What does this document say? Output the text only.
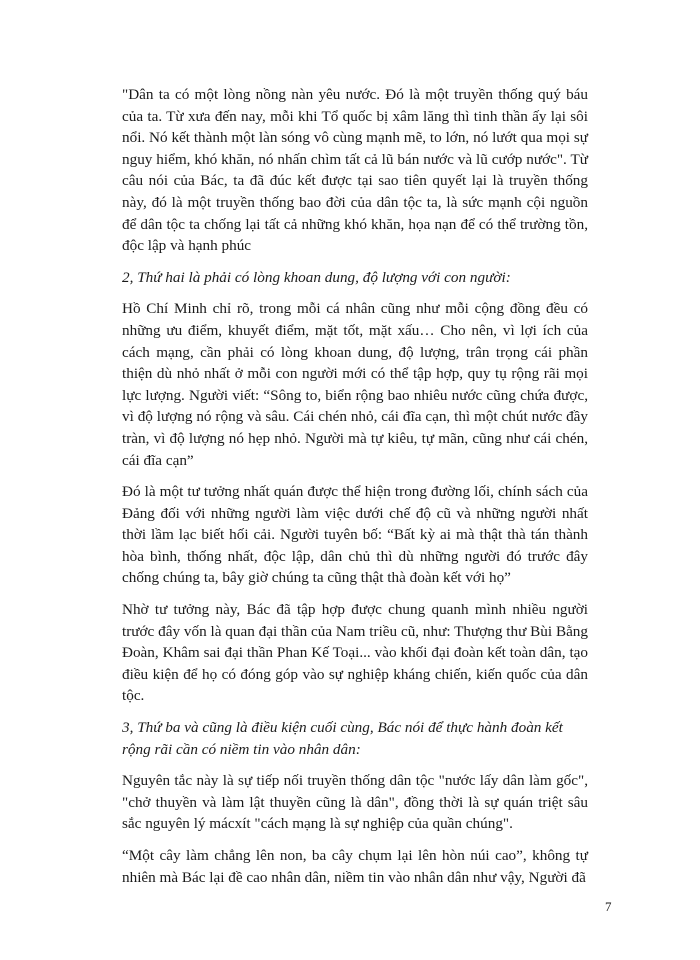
"Dân ta có một lòng nồng nàn yêu nước. Đó là một truyền thống quý báu của ta. Từ xưa đến nay, mỗi khi Tổ quốc bị xâm lăng thì tinh thần ấy lại sôi nổi. Nó kết thành một làn sóng vô cùng mạnh mẽ, to lớn, nó lướt qua mọi sự nguy hiểm, khó khăn, nó nhấn chìm tất cả lũ bán nước và lũ cướp nước". Từ câu nói của Bác, ta đã đúc kết được tại sao tiên quyết lại là truyền thống này, đó là một truyền thống bao đời của dân tộc ta, là sức mạnh cội nguồn để dân tộc ta chống lại tất cả những khó khăn, họa nạn để có thể trường tồn, độc lập và hạnh phúc

2, Thứ hai là phải có lòng khoan dung, độ lượng với con người:

Hồ Chí Minh chỉ rõ, trong mỗi cá nhân cũng như mỗi cộng đồng đều có những ưu điểm, khuyết điểm, mặt tốt, mặt xấu… Cho nên, vì lợi ích của cách mạng, cần phải có lòng khoan dung, độ lượng, trân trọng cái phần thiện dù nhỏ nhất ở mỗi con người mới có thể tập hợp, quy tụ rộng rãi mọi lực lượng. Người viết: “Sông to, biển rộng bao nhiêu nước cũng chứa được, vì độ lượng nó rộng và sâu. Cái chén nhỏ, cái đĩa cạn, thì một chút nước đầy tràn, vì độ lượng nó hẹp nhỏ. Người mà tự kiêu, tự mãn, cũng như cái chén, cái đĩa cạn”

Đó là một tư tưởng nhất quán được thể hiện trong đường lối, chính sách của Đảng đối với những người làm việc dưới chế độ cũ và những người nhất thời lầm lạc biết hối cải. Người tuyên bố: “Bất kỳ ai mà thật thà tán thành hòa bình, thống nhất, độc lập, dân chủ thì dù những người đó trước đây chống chúng ta, bây giờ chúng ta cũng thật thà đoàn kết với họ”

Nhờ tư tưởng này, Bác đã tập hợp được chung quanh mình nhiều người trước đây vốn là quan đại thần của Nam triều cũ, như: Thượng thư Bùi Bằng Đoàn, Khâm sai đại thần Phan Kế Toại... vào khối đại đoàn kết toàn dân, tạo điều kiện để họ có đóng góp vào sự nghiệp kháng chiến, kiến quốc của dân tộc.

3, Thứ ba và cũng là điều kiện cuối cùng, Bác nói để thực hành đoàn kết rộng rãi cần có niềm tin vào nhân dân:

Nguyên tắc này là sự tiếp nối truyền thống dân tộc "nước lấy dân làm gốc", "chở thuyền và làm lật thuyền cũng là dân", đồng thời là sự quán triệt sâu sắc nguyên lý mácxít "cách mạng là sự nghiệp của quần chúng".

“Một cây làm chẳng lên non, ba cây chụm lại lên hòn núi cao”, không tự nhiên mà Bác lại đề cao nhân dân, niềm tin vào nhân dân như vậy, Người đã

7
